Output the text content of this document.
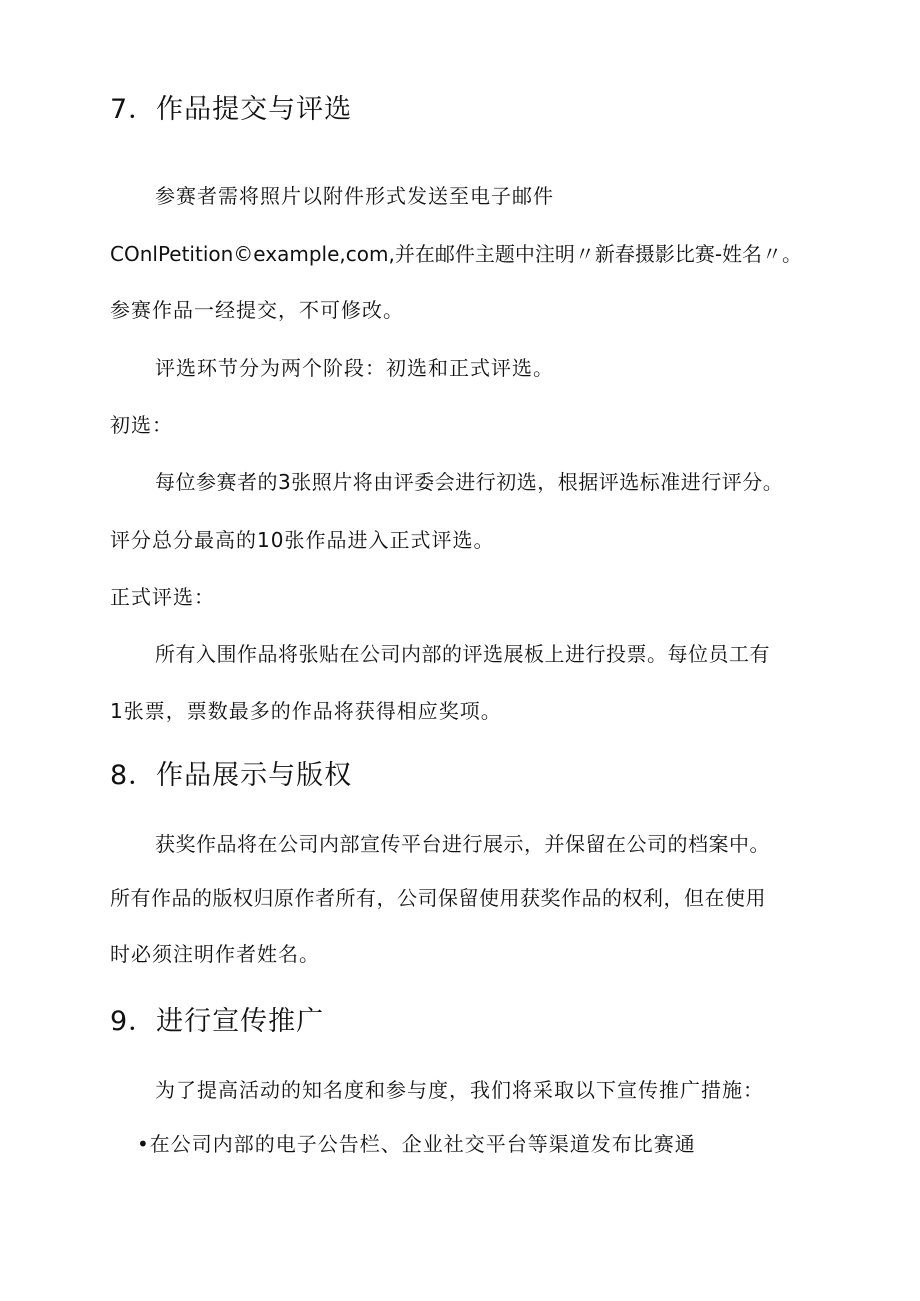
7．作品提交与评选
参赛者需将照片以附件形式发送至电子邮件
COnlPetition©example,com,并在邮件主题中注明〃新春摄影比赛-姓名〃。
参赛作品一经提交，不可修改。
评选环节分为两个阶段：初选和正式评选。
初选：
每位参赛者的3张照片将由评委会进行初选，根据评选标准进行评分。
评分总分最高的10张作品进入正式评选。
正式评选：
所有入围作品将张贴在公司内部的评选展板上进行投票。每位员工有
1张票，票数最多的作品将获得相应奖项。
8．作品展示与版权
获奖作品将在公司内部宣传平台进行展示，并保留在公司的档案中。
所有作品的版权归原作者所有，公司保留使用获奖作品的权利，但在使用
时必须注明作者姓名。
9．进行宣传推广
为了提高活动的知名度和参与度，我们将采取以下宣传推广措施：
•在公司内部的电子公告栏、企业社交平台等渠道发布比赛通
